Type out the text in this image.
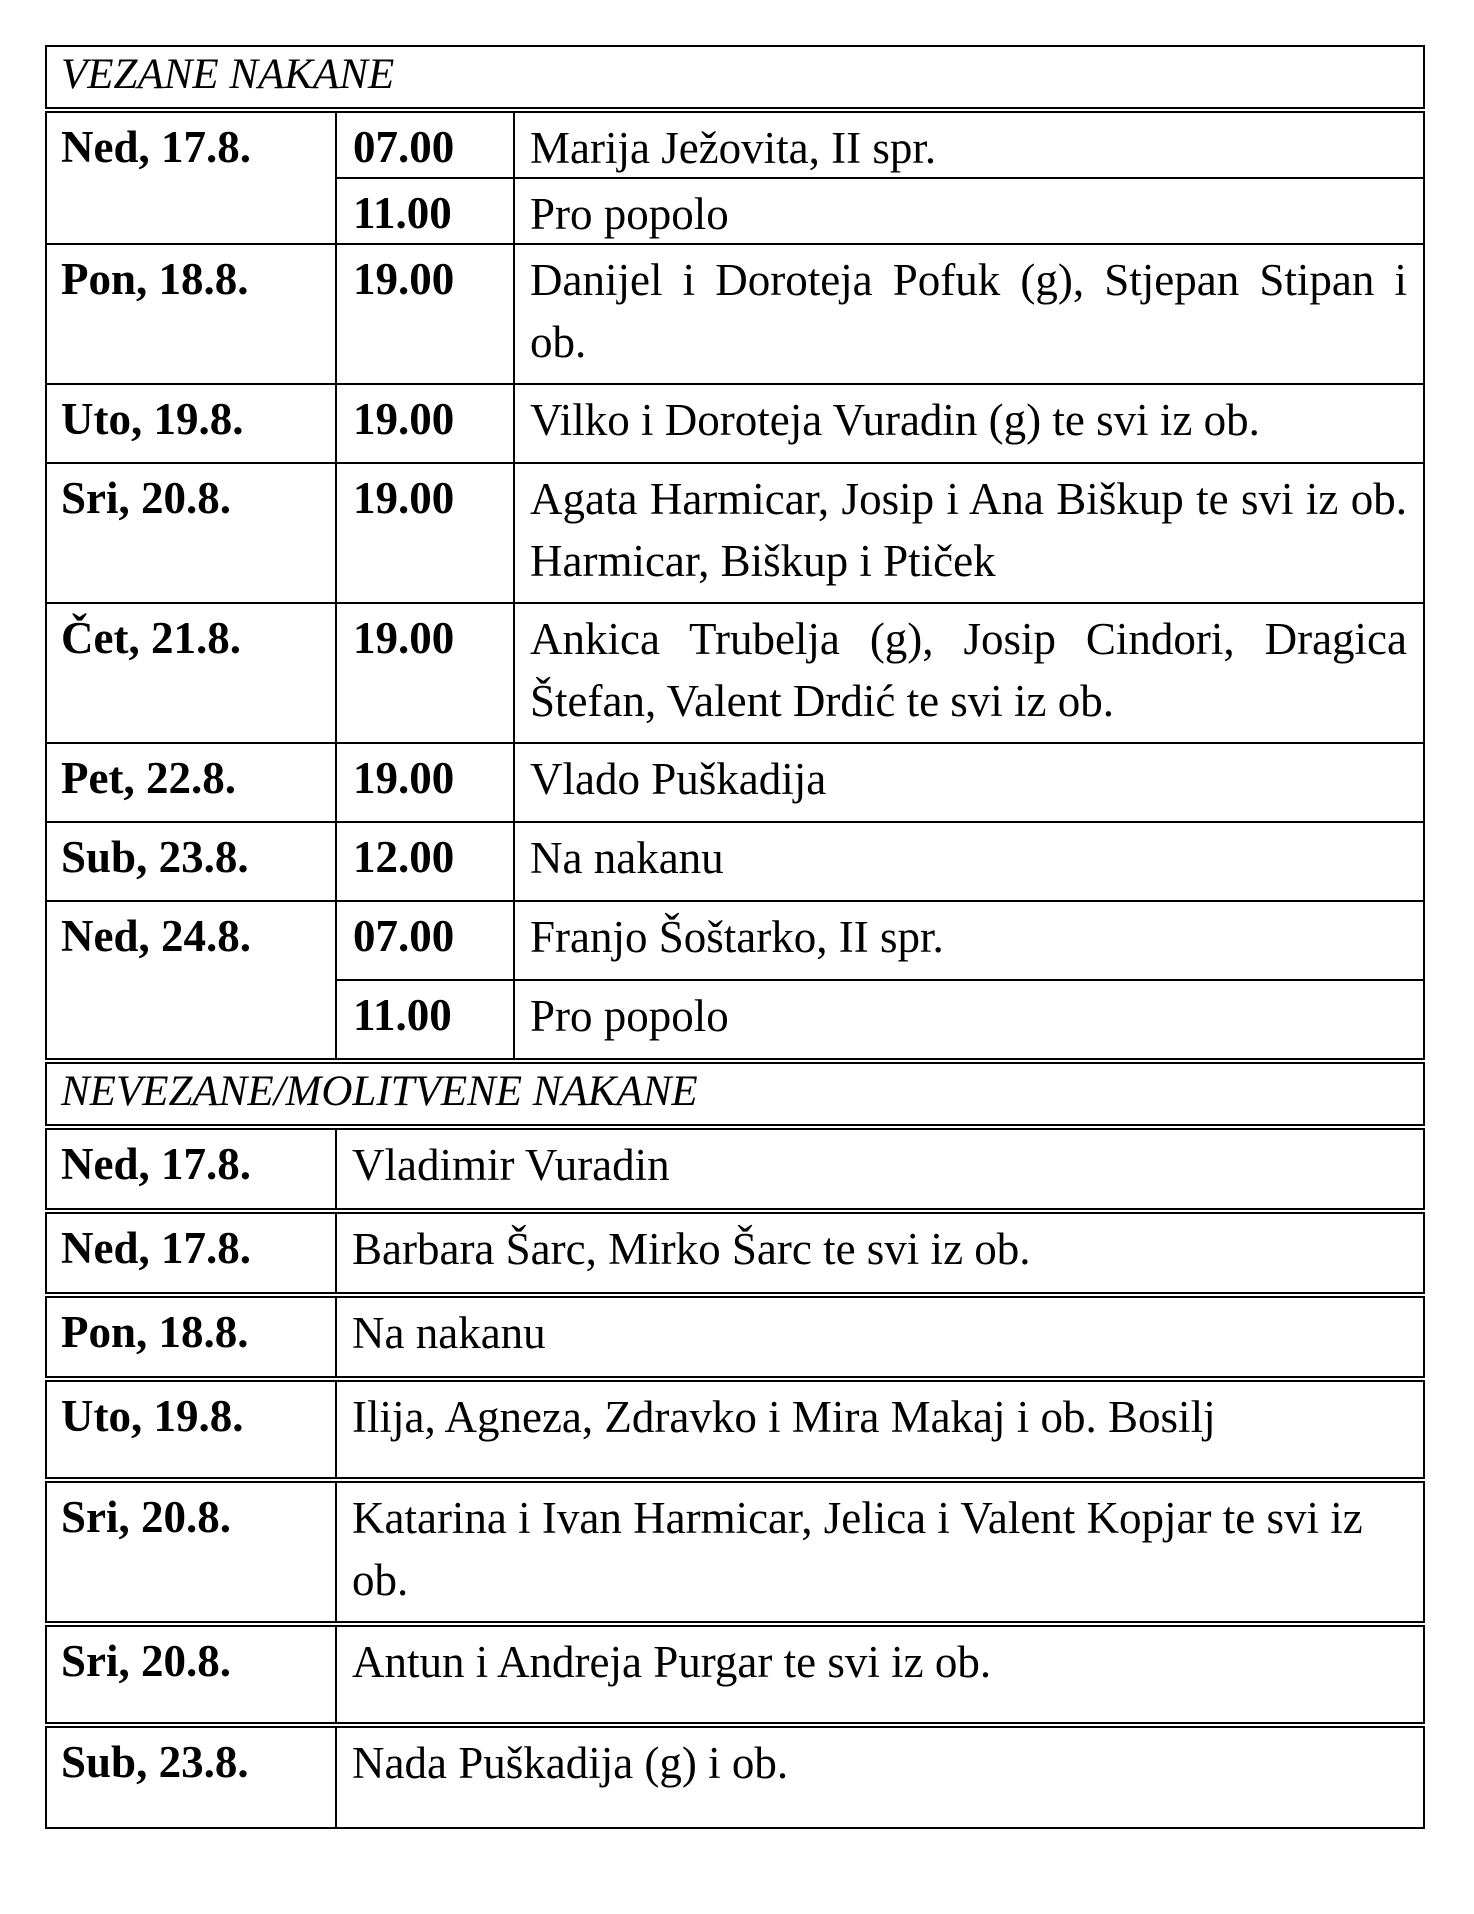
VEZANE NAKANE
Ned, 17.8.	07.00	Marija Ježovita, II spr.
11.00	Pro popolo
Pon, 18.8.	19.00	Danijel i Doroteja Pofuk (g), Stjepan Stipan i ob.
Uto, 19.8.	19.00	Vilko i Doroteja Vuradin (g) te svi iz ob.
Sri, 20.8.	19.00	Agata Harmicar, Josip i Ana Biškup te svi iz ob. Harmicar, Biškup i Ptiček
Čet, 21.8.	19.00	Ankica Trubelja (g), Josip Cindori, Dragica Štefan, Valent Drdić te svi iz ob.
Pet, 22.8.	19.00	Vlado Puškadija
Sub, 23.8.	12.00	Na nakanu
Ned, 24.8.	07.00	Franjo Šoštarko, II spr.
11.00	Pro popolo
NEVEZANE/MOLITVENE NAKANE
Ned, 17.8.	Vladimir Vuradin
Ned, 17.8.	Barbara Šarc, Mirko Šarc te svi iz ob.
Pon, 18.8.	Na nakanu
Uto, 19.8.	Ilija, Agneza, Zdravko i Mira Makaj i ob. Bosilj
Sri, 20.8.	Katarina i Ivan Harmicar, Jelica i Valent Kopjar te svi iz ob.
Sri, 20.8.	Antun i Andreja Purgar te svi iz ob.
Sub, 23.8.	Nada Puškadija (g) i ob.
